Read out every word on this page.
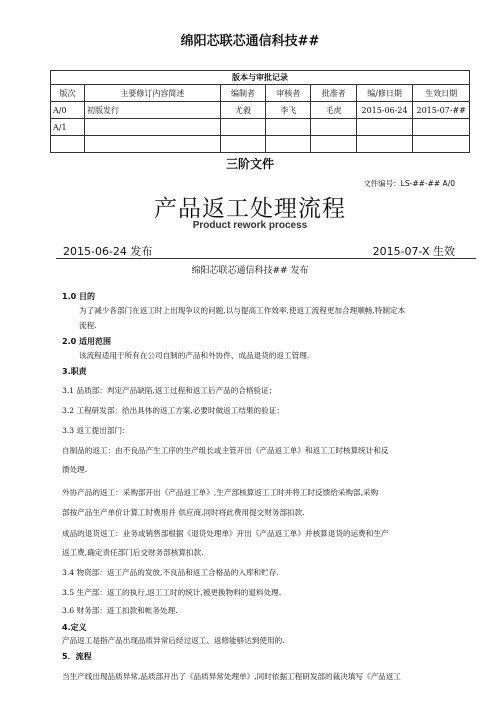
绵阳芯联芯通信科技##
版本与审批记录
版次	主要修订内容简述	编制者	审核者	批准者	编/修日期	生效日期
A/0	初版发行	尤毅	李飞	毛虎	2015-06-24	2015-07-##
A/1						

三阶文件
文件编号：LS-##-## A/0
产品返工处理流程
Product rework process
2015-06-24 发布	2015-07-X 生效
绵阳芯联芯通信科技## 发布
1.0 目的
为了减少各部门在返工时上出现争议的问题,以与提高工作效率,使返工流程更加合理顺畅,特制定本
流程.
2.0 适用范围
该流程适用于所有在公司自制的产品和外协件、成品退货的返工管理.
3.职责
3.1 品质部：判定产品缺陷,返工过程和返工后产品的合格验证；
3.2 工程研发部：给出具体的返工方案,必要时做返工结果的验证；
3.3 返工提出部门：
自制品的返工：由不良品产生工序的生产组长或主管开出《产品返工单》和返工工时核算统计和反
馈处理.
外协产品的返工：采购部开出《产品返工单》,生产部核算返工工时并将工时反馈给采购部,采购
部按产品生产单价计算工时费用并 供应商,同时将此费用提交财务部扣款.
成品的退货返工：业务或销售部根据《退货处理单》开出《产品返工单》并核算退货的运费和生产
返工费,确定责任部门后交财务部核算扣款.
3.4 物资部：返工产品的发放,不良品和返工合格品的入库和贮存.
3.5 生产部：返工的执行,返工工时的统计,被更换物料的退料处理.
3.6 财务部：返工扣款和帐务处理.
4.定义
产品返工是指产品出现品质异常后经过返工、返修能够达到使用的.
5．流程
当生产线出现品质异常,品质部开出了《品质异常处理单》,同时依据工程研发部的裁决填写《产品返工
